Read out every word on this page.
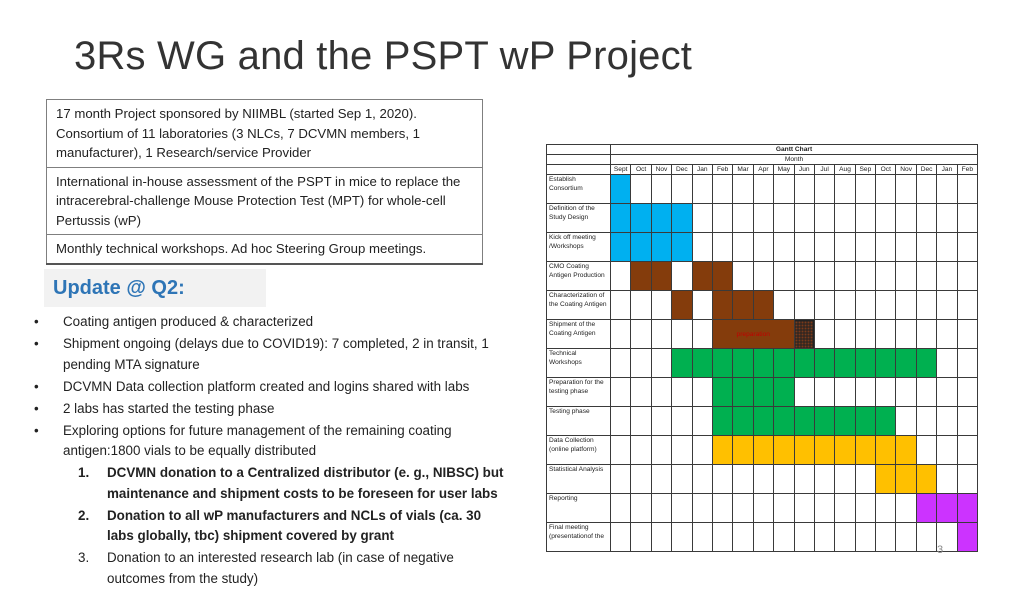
3Rs WG and the PSPT wP Project
17 month Project sponsored by NIIMBL (started Sep 1, 2020). Consortium of 11 laboratories (3 NLCs, 7 DCVMN members, 1 manufacturer), 1 Research/service Provider
International in-house assessment of the PSPT in mice to replace the intracerebral-challenge Mouse Protection Test (MPT) for whole-cell Pertussis (wP)
Monthly technical workshops. Ad hoc Steering Group meetings.
Update @ Q2:
• Coating antigen produced & characterized
• Shipment ongoing (delays due to COVID19): 7 completed, 2 in transit, 1 pending MTA signature
• DCVMN Data collection platform created and logins shared with labs
• 2 labs has started the testing phase
• Exploring options for future management of the remaining coating antigen:1800 vials to be equally distributed
1. DCVMN donation to a Centralized distributor (e. g., NIBSC) but maintenance and shipment costs to be foreseen for user labs
2. Donation to all wP manufacturers and NCLs of vials (ca. 30 labs globally, tbc) shipment covered by grant
3. Donation to an interested research lab (in case of negative outcomes from the study)
	Gantt Chart																	
	Month																	
	Sept	Oct	Nov	Dec	Jan	Feb	Mar	Apr	May	Jun	Jul	Aug	Sep	Oct	Nov	Dec	Jan	Feb
Establish Consortium																		
Definition of the Study Design																		
Kick off meeting /Workshops																		
CMO Coating Antigen Production																		
Characterization of the Coating Antigen																		
Shipment of the Coating Antigen						preparation												
Technical Workshops																		
Preparation for the testing phase																		
Testing phase																		
Data Collection (online platform)																		
Statistical Analysis																		
Reporting																		
Final meeting (presentationof the																		
3
